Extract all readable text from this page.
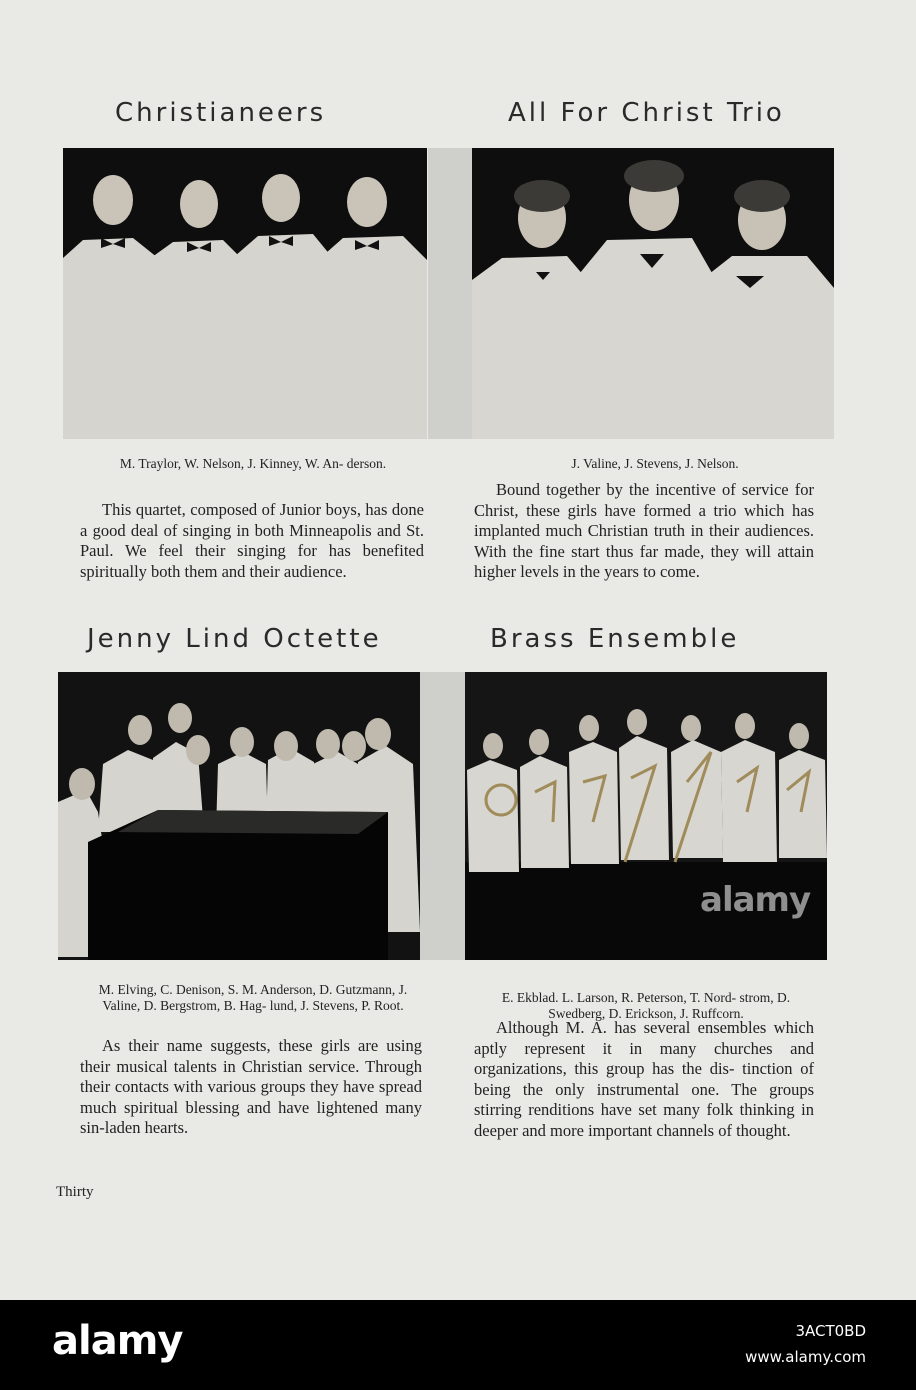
Christianeers
M. Traylor, W. Nelson, J. Kinney, W. An- derson.
This quartet, composed of Junior boys, has done a good deal of singing in both Minneapolis and St. Paul. We feel their singing for has benefited spiritually both them and their audience.
All For Christ Trio
J. Valine, J. Stevens, J. Nelson.
Bound together by the incentive of service for Christ, these girls have formed a trio which has implanted much Christian truth in their audiences. With the fine start thus far made, they will attain higher levels in the years to come.
Jenny Lind Octette
M. Elving, C. Denison, S. M. Anderson, D. Gutzmann, J. Valine, D. Bergstrom, B. Hag- lund, J. Stevens, P. Root.
As their name suggests, these girls are using their musical talents in Christian service. Through their contacts with various groups they have spread much spiritual blessing and have lightened many sin-laden hearts.
Brass Ensemble
E. Ekblad. L. Larson, R. Peterson, T. Nord- strom, D. Swedberg, D. Erickson, J. Ruffcorn.
Although M. A. has several ensembles which aptly represent it in many churches and organizations, this group has the dis- tinction of being the only instrumental one. The groups stirring renditions have set many folk thinking in deeper and more important channels of thought.
Thirty
alamy
alamy	3ACT0BD
www.alamy.com
